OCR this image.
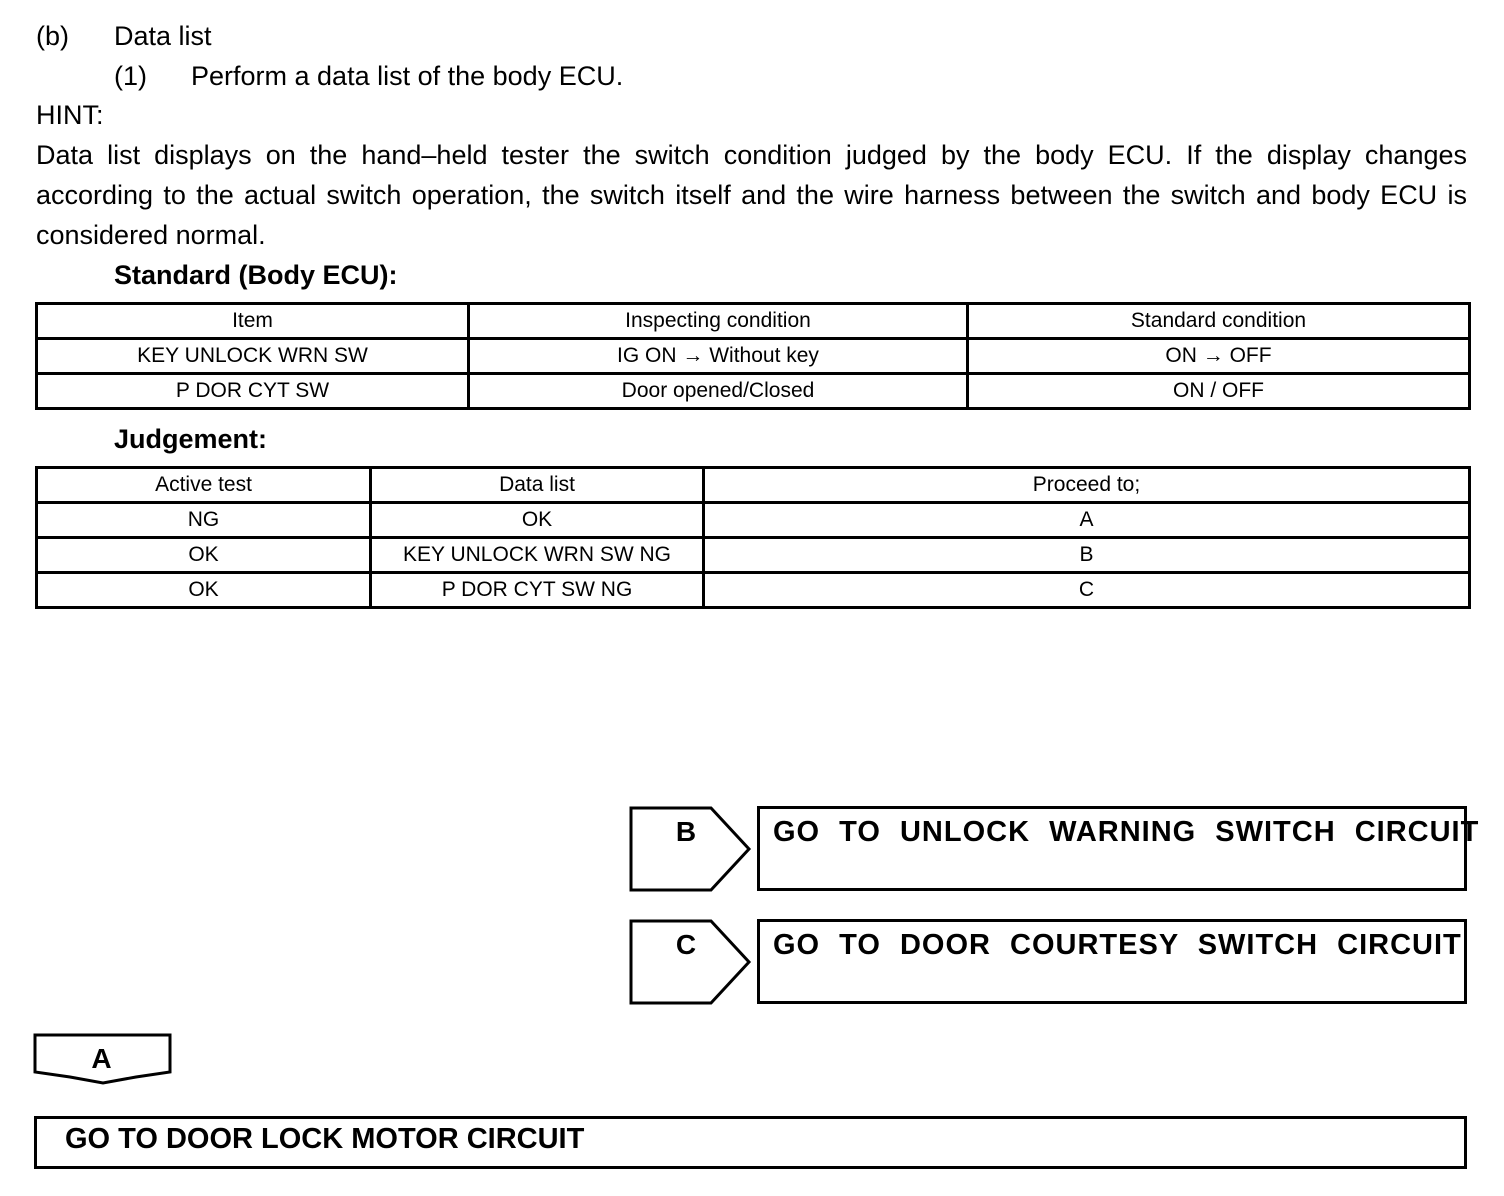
(b) Data list
(1) Perform a data list of the body ECU.
HINT:
Data list displays on the hand–held tester the switch condition judged by the body ECU. If the display changes according to the actual switch operation, the switch itself and the wire harness between the switch and body ECU is considered normal.
Standard (Body ECU):
Item	Inspecting condition	Standard condition
KEY UNLOCK WRN SW	IG ON → Without key	ON → OFF
P DOR CYT SW	Door opened/Closed	ON / OFF
Judgement:
Active test	Data list	Proceed to;
NG	OK	A
OK	KEY UNLOCK WRN SW NG	B
OK	P DOR CYT SW NG	C
B	GO TO UNLOCK WARNING SWITCH CIRCUIT
C	GO TO DOOR COURTESY SWITCH CIRCUIT
A
GO TO DOOR LOCK MOTOR CIRCUIT
